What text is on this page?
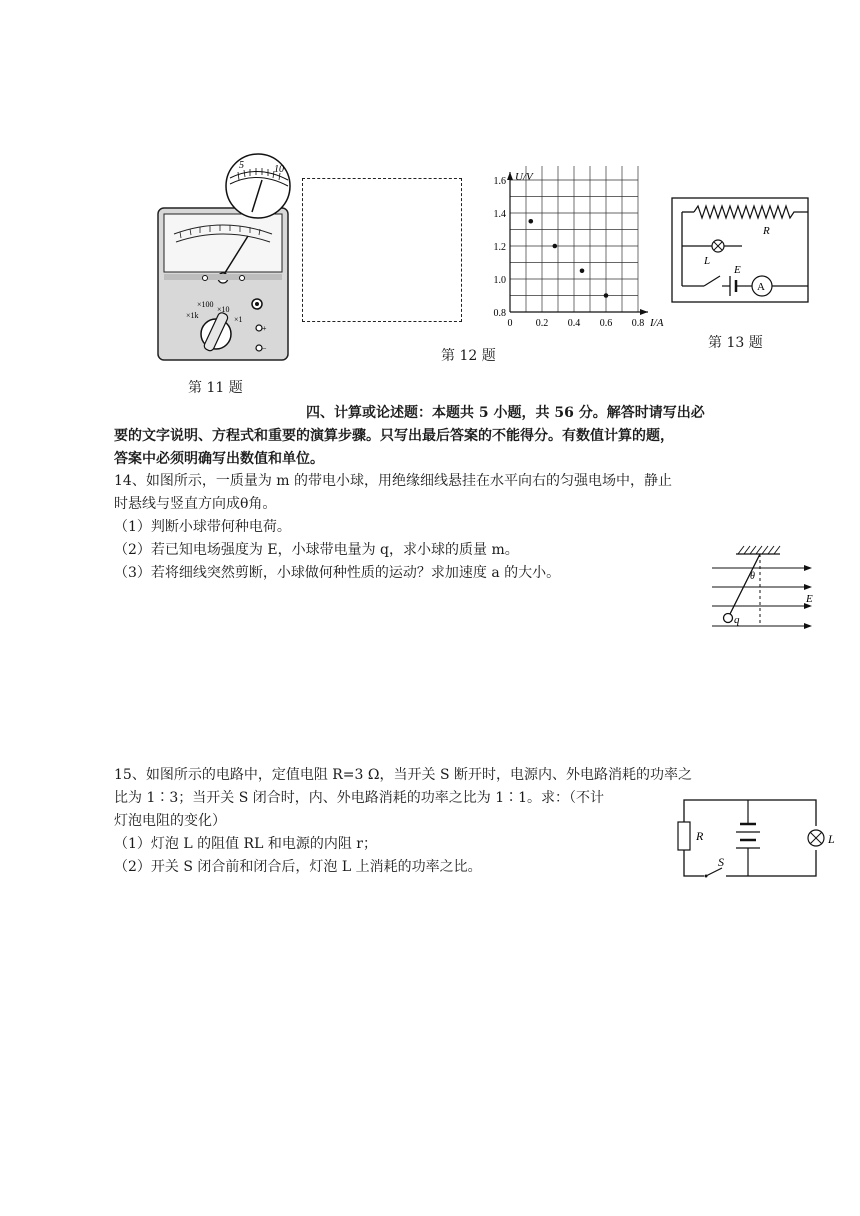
×100
×10
×1k	×1
+
−
5	10
第 11 题
U/V
I/A
1.6
1.4
1.2
1.0
0.8
0 0.2 0.4 0.6 0.8
第 12 题
R
L
E
A
第 13 题
四、计算或论述题：本题共 5 小题，共 56 分。解答时请写出必
要的文字说明、方程式和重要的演算步骤。只写出最后答案的不能得分。有数值计算的题，
答案中必须明确写出数值和单位。
14、如图所示，一质量为 m 的带电小球，用绝缘细线悬挂在水平向右的匀强电场中，静止
时悬线与竖直方向成θ角。
（1）判断小球带何种电荷。
（2）若已知电场强度为 E，小球带电量为 q，求小球的质量 m。
（3）若将细线突然剪断，小球做何种性质的运动？求加速度 a 的大小。
E
θ
q
15、如图所示的电路中，定值电阻 R=3 Ω，当开关 S 断开时，电源内、外电路消耗的功率之
比为 1∶3；当开关 S 闭合时，内、外电路消耗的功率之比为 1∶1。求：（不计
灯泡电阻的变化）
（1）灯泡 L 的阻值 RL 和电源的内阻 r；
（2）开关 S 闭合前和闭合后，灯泡 L 上消耗的功率之比。
R
S
L
